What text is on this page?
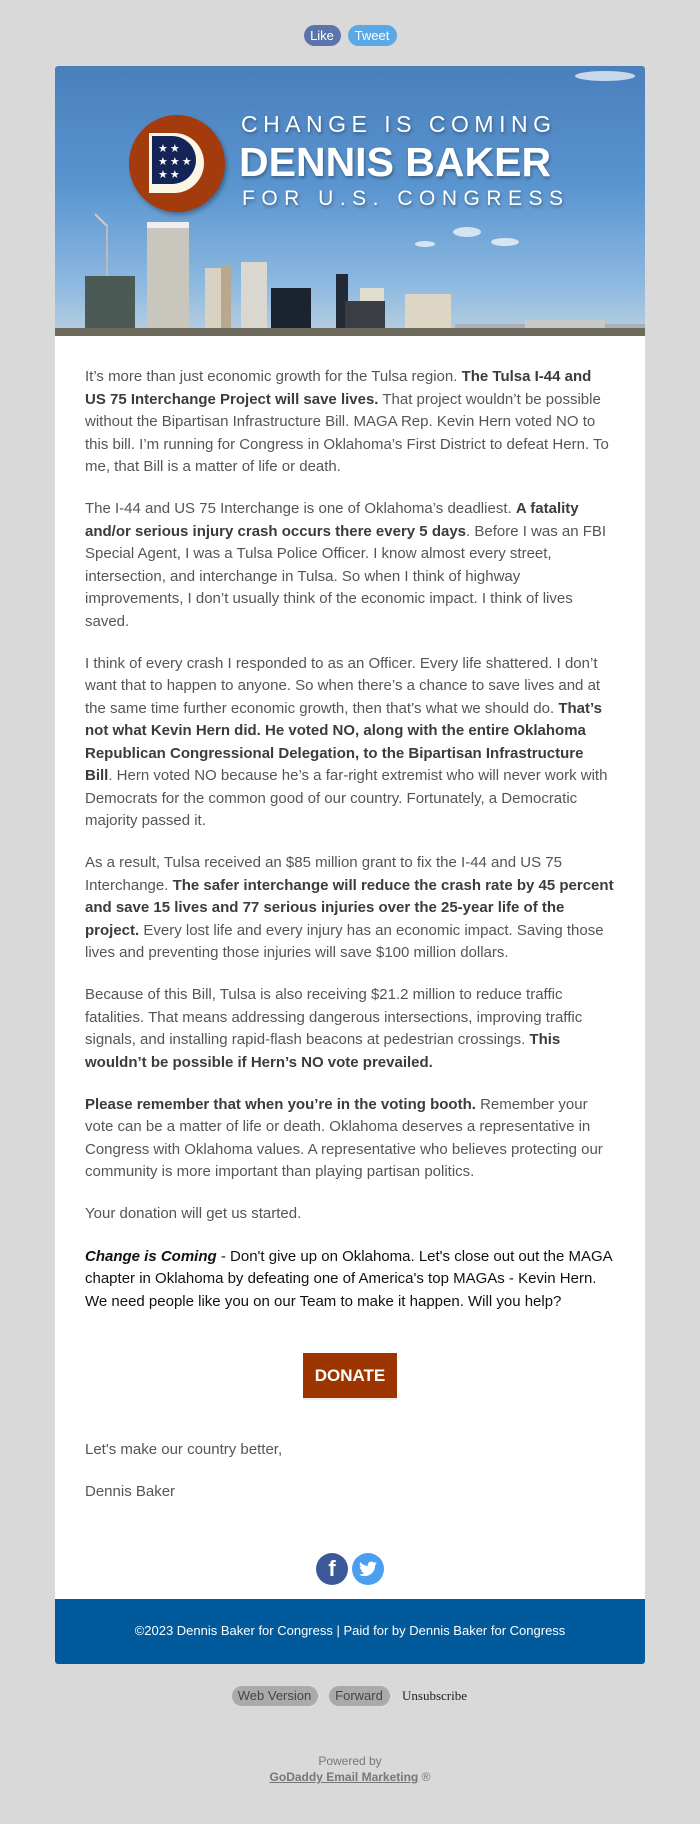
Like	Tweet
★★
★★★
★★
CHANGE IS COMING
DENNIS BAKER
FOR U.S. CONGRESS

It’s more than just economic growth for the Tulsa region. The Tulsa I-44 and US 75 Interchange Project will save lives. That project wouldn’t be possible without the Bipartisan Infrastructure Bill. MAGA Rep. Kevin Hern voted NO to this bill. I’m running for Congress in Oklahoma’s First District to defeat Hern. To me, that Bill is a matter of life or death.

The I-44 and US 75 Interchange is one of Oklahoma’s deadliest. A fatality and/or serious injury crash occurs there every 5 days. Before I was an FBI Special Agent, I was a Tulsa Police Officer. I know almost every street, intersection, and interchange in Tulsa. So when I think of highway improvements, I don’t usually think of the economic impact. I think of lives saved.

I think of every crash I responded to as an Officer. Every life shattered. I don’t want that to happen to anyone. So when there’s a chance to save lives and at the same time further economic growth, then that’s what we should do. That’s not what Kevin Hern did. He voted NO, along with the entire Oklahoma Republican Congressional Delegation, to the Bipartisan Infrastructure Bill. Hern voted NO because he’s a far-right extremist who will never work with Democrats for the common good of our country. Fortunately, a Democratic majority passed it.

As a result, Tulsa received an $85 million grant to fix the I-44 and US 75 Interchange. The safer interchange will reduce the crash rate by 45 percent and save 15 lives and 77 serious injuries over the 25-year life of the project. Every lost life and every injury has an economic impact. Saving those lives and preventing those injuries will save $100 million dollars.

Because of this Bill, Tulsa is also receiving $21.2 million to reduce traffic fatalities. That means addressing dangerous intersections, improving traffic signals, and installing rapid-flash beacons at pedestrian crossings. This wouldn’t be possible if Hern’s NO vote prevailed.

Please remember that when you’re in the voting booth. Remember your vote can be a matter of life or death. Oklahoma deserves a representative in Congress with Oklahoma values. A representative who believes protecting our community is more important than playing partisan politics.

Your donation will get us started.

Change is Coming - Don't give up on Oklahoma. Let's close out out the MAGA chapter in Oklahoma by defeating one of America's top MAGAs - Kevin Hern. We need people like you on our Team to make it happen. Will you help?
DONATE
Let's make our country better,
Dennis Baker
f
©2023 Dennis Baker for Congress | Paid for by Dennis Baker for Congress
Web Version	Forward	Unsubscribe
Powered by
GoDaddy Email Marketing ®
